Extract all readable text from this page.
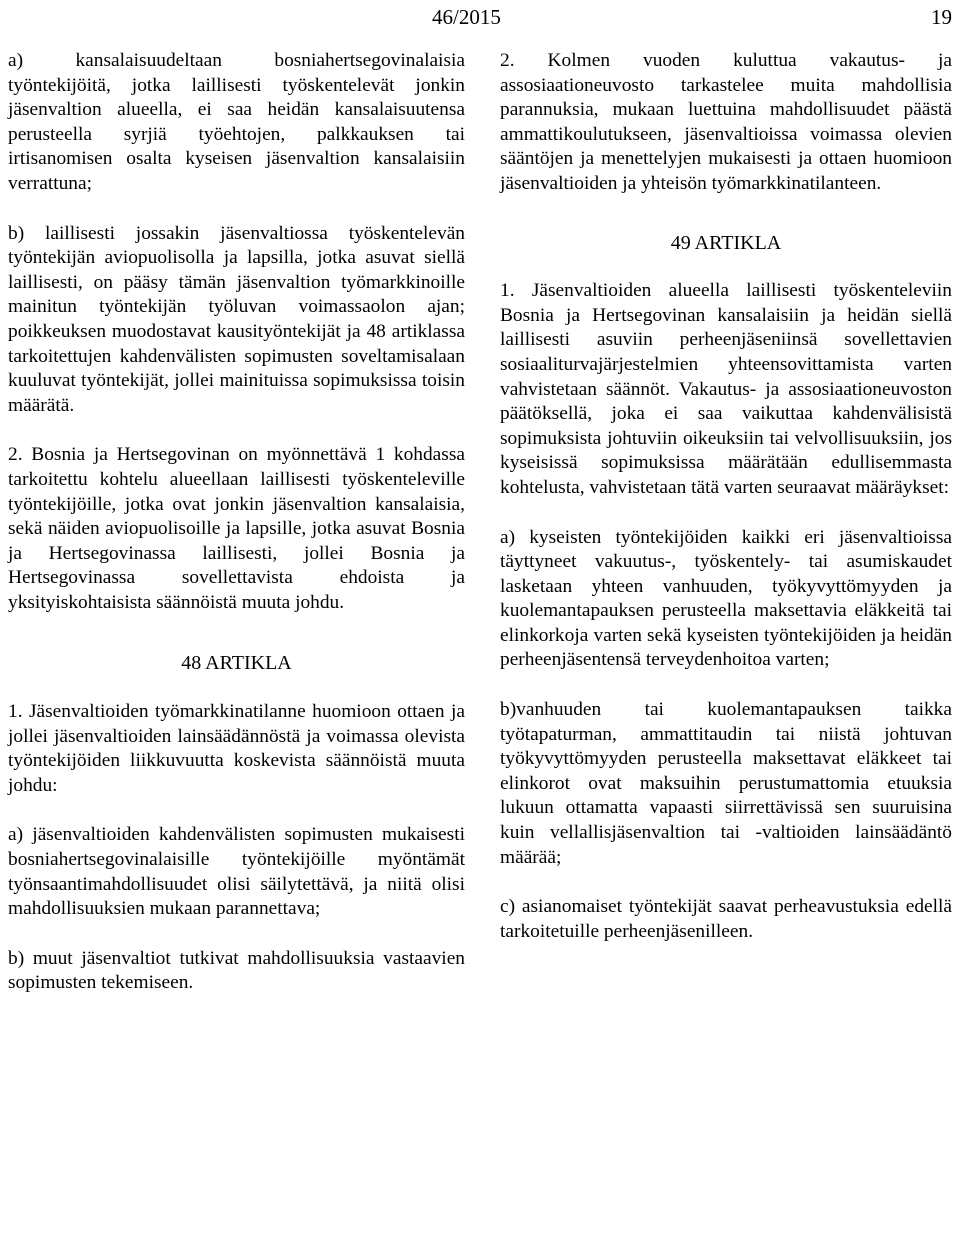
46/2015	19

a) kansalaisuudeltaan bosniahertsegovinalaisia työntekijöitä, jotka laillisesti työskentelevät jonkin jäsenvaltion alueella, ei saa heidän kansalaisuutensa perusteella syrjiä työehtojen, palkkauksen tai irtisanomisen osalta kyseisen jäsenvaltion kansalaisiin verrattuna;

b) laillisesti jossakin jäsenvaltiossa työskentelevän työntekijän aviopuolisolla ja lapsilla, jotka asuvat siellä laillisesti, on pääsy tämän jäsenvaltion työmarkkinoille mainitun työntekijän työluvan voimassaolon ajan; poikkeuksen muodostavat kausityöntekijät ja 48 artiklassa tarkoitettujen kahdenvälisten sopimusten soveltamisalaan kuuluvat työntekijät, jollei mainituissa sopimuksissa toisin määrätä.

2. Bosnia ja Hertsegovinan on myönnettävä 1 kohdassa tarkoitettu kohtelu alueellaan laillisesti työskenteleville työntekijöille, jotka ovat jonkin jäsenvaltion kansalaisia, sekä näiden aviopuolisoille ja lapsille, jotka asuvat Bosnia ja Hertsegovinassa laillisesti, jollei Bosnia ja Hertsegovinassa sovellettavista ehdoista ja yksityiskohtaisista säännöistä muuta johdu.

48 ARTIKLA

1. Jäsenvaltioiden työmarkkinatilanne huomioon ottaen ja jollei jäsenvaltioiden lainsäädännöstä ja voimassa olevista työntekijöiden liikkuvuutta koskevista säännöistä muuta johdu:

a) jäsenvaltioiden kahdenvälisten sopimusten mukaisesti bosniahertsegovinalaisille työntekijöille myöntämät työnsaantimahdollisuudet olisi säilytettävä, ja niitä olisi mahdollisuuksien mukaan parannettava;

b) muut jäsenvaltiot tutkivat mahdollisuuksia vastaavien sopimusten tekemiseen.

2. Kolmen vuoden kuluttua vakautus- ja assosiaationeuvosto tarkastelee muita mahdollisia parannuksia, mukaan luettuina mahdollisuudet päästä ammattikoulutukseen, jäsenvaltioissa voimassa olevien sääntöjen ja menettelyjen mukaisesti ja ottaen huomioon jäsenvaltioiden ja yhteisön työmarkkinatilanteen.

49 ARTIKLA

1. Jäsenvaltioiden alueella laillisesti työskenteleviin Bosnia ja Hertsegovinan kansalaisiin ja heidän siellä laillisesti asuviin perheenjäseniinsä sovellettavien sosiaaliturvajärjestelmien yhteensovittamista varten vahvistetaan säännöt. Vakautus- ja assosiaationeuvoston päätöksellä, joka ei saa vaikuttaa kahdenvälisistä sopimuksista johtuviin oikeuksiin tai velvollisuuksiin, jos kyseisissä sopimuksissa määrätään edullisemmasta kohtelusta, vahvistetaan tätä varten seuraavat määräykset:

a) kyseisten työntekijöiden kaikki eri jäsenvaltioissa täyttyneet vakuutus-, työskentely- tai asumiskaudet lasketaan yhteen vanhuuden, työkyvyttömyyden ja kuolemantapauksen perusteella maksettavia eläkkeitä tai elinkorkoja varten sekä kyseisten työntekijöiden ja heidän perheenjäsentensä terveydenhoitoa varten;

b)vanhuuden tai kuolemantapauksen taikka työtapaturman, ammattitaudin tai niistä johtuvan työkyvyttömyyden perusteella maksettavat eläkkeet tai elinkorot ovat maksuihin perustumattomia etuuksia lukuun ottamatta vapaasti siirrettävissä sen suuruisina kuin vellallisjäsenvaltion tai -valtioiden lainsäädäntö määrää;

c) asianomaiset työntekijät saavat perheavustuksia edellä tarkoitetuille perheenjäsenilleen.
